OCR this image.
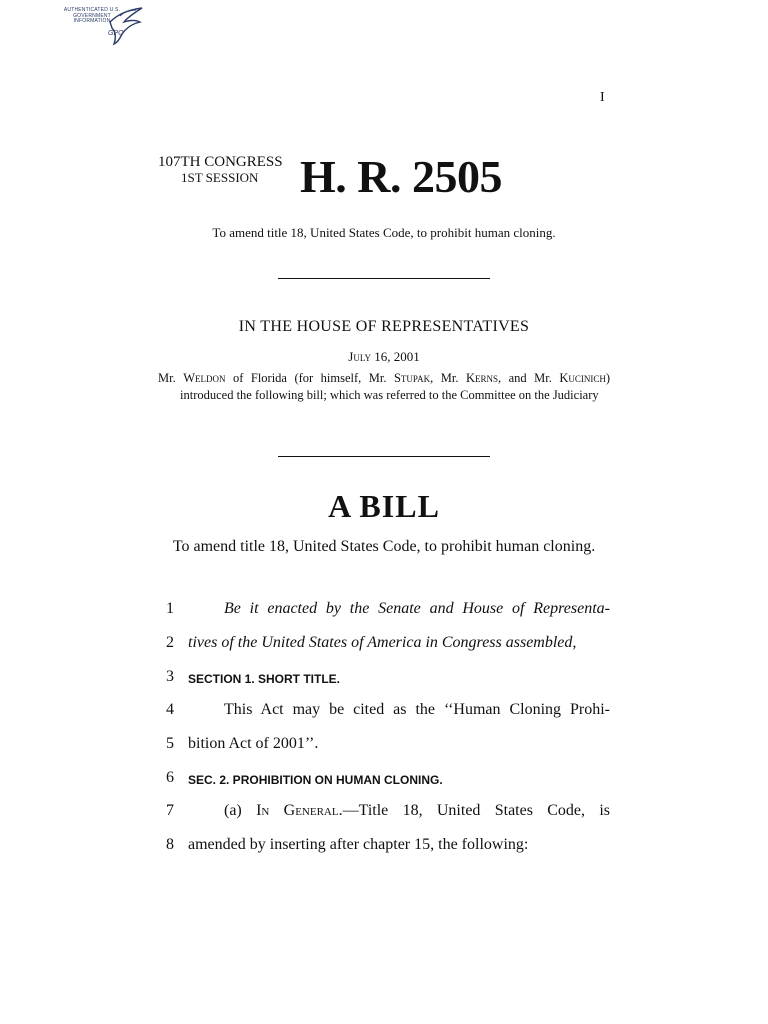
AUTHENTICATED U.S. GOVERNMENT INFORMATION
GPO
I
107TH CONGRESS
1ST SESSION H. R. 2505
To amend title 18, United States Code, to prohibit human cloning.
IN THE HOUSE OF REPRESENTATIVES
July 16, 2001
Mr. Weldon of Florida (for himself, Mr. Stupak, Mr. Kerns, and Mr. Kucinich) introduced the following bill; which was referred to the Committee on the Judiciary
A BILL
To amend title 18, United States Code, to prohibit human cloning.
1	Be it enacted by the Senate and House of Representa-
2 tives of the United States of America in Congress assembled,
3	SECTION 1. SHORT TITLE.
4	This Act may be cited as the ‘‘Human Cloning Prohi-
5 bition Act of 2001’’.
6	SEC. 2. PROHIBITION ON HUMAN CLONING.
7	(a) In General.—Title 18, United States Code, is
8 amended by inserting after chapter 15, the following:
